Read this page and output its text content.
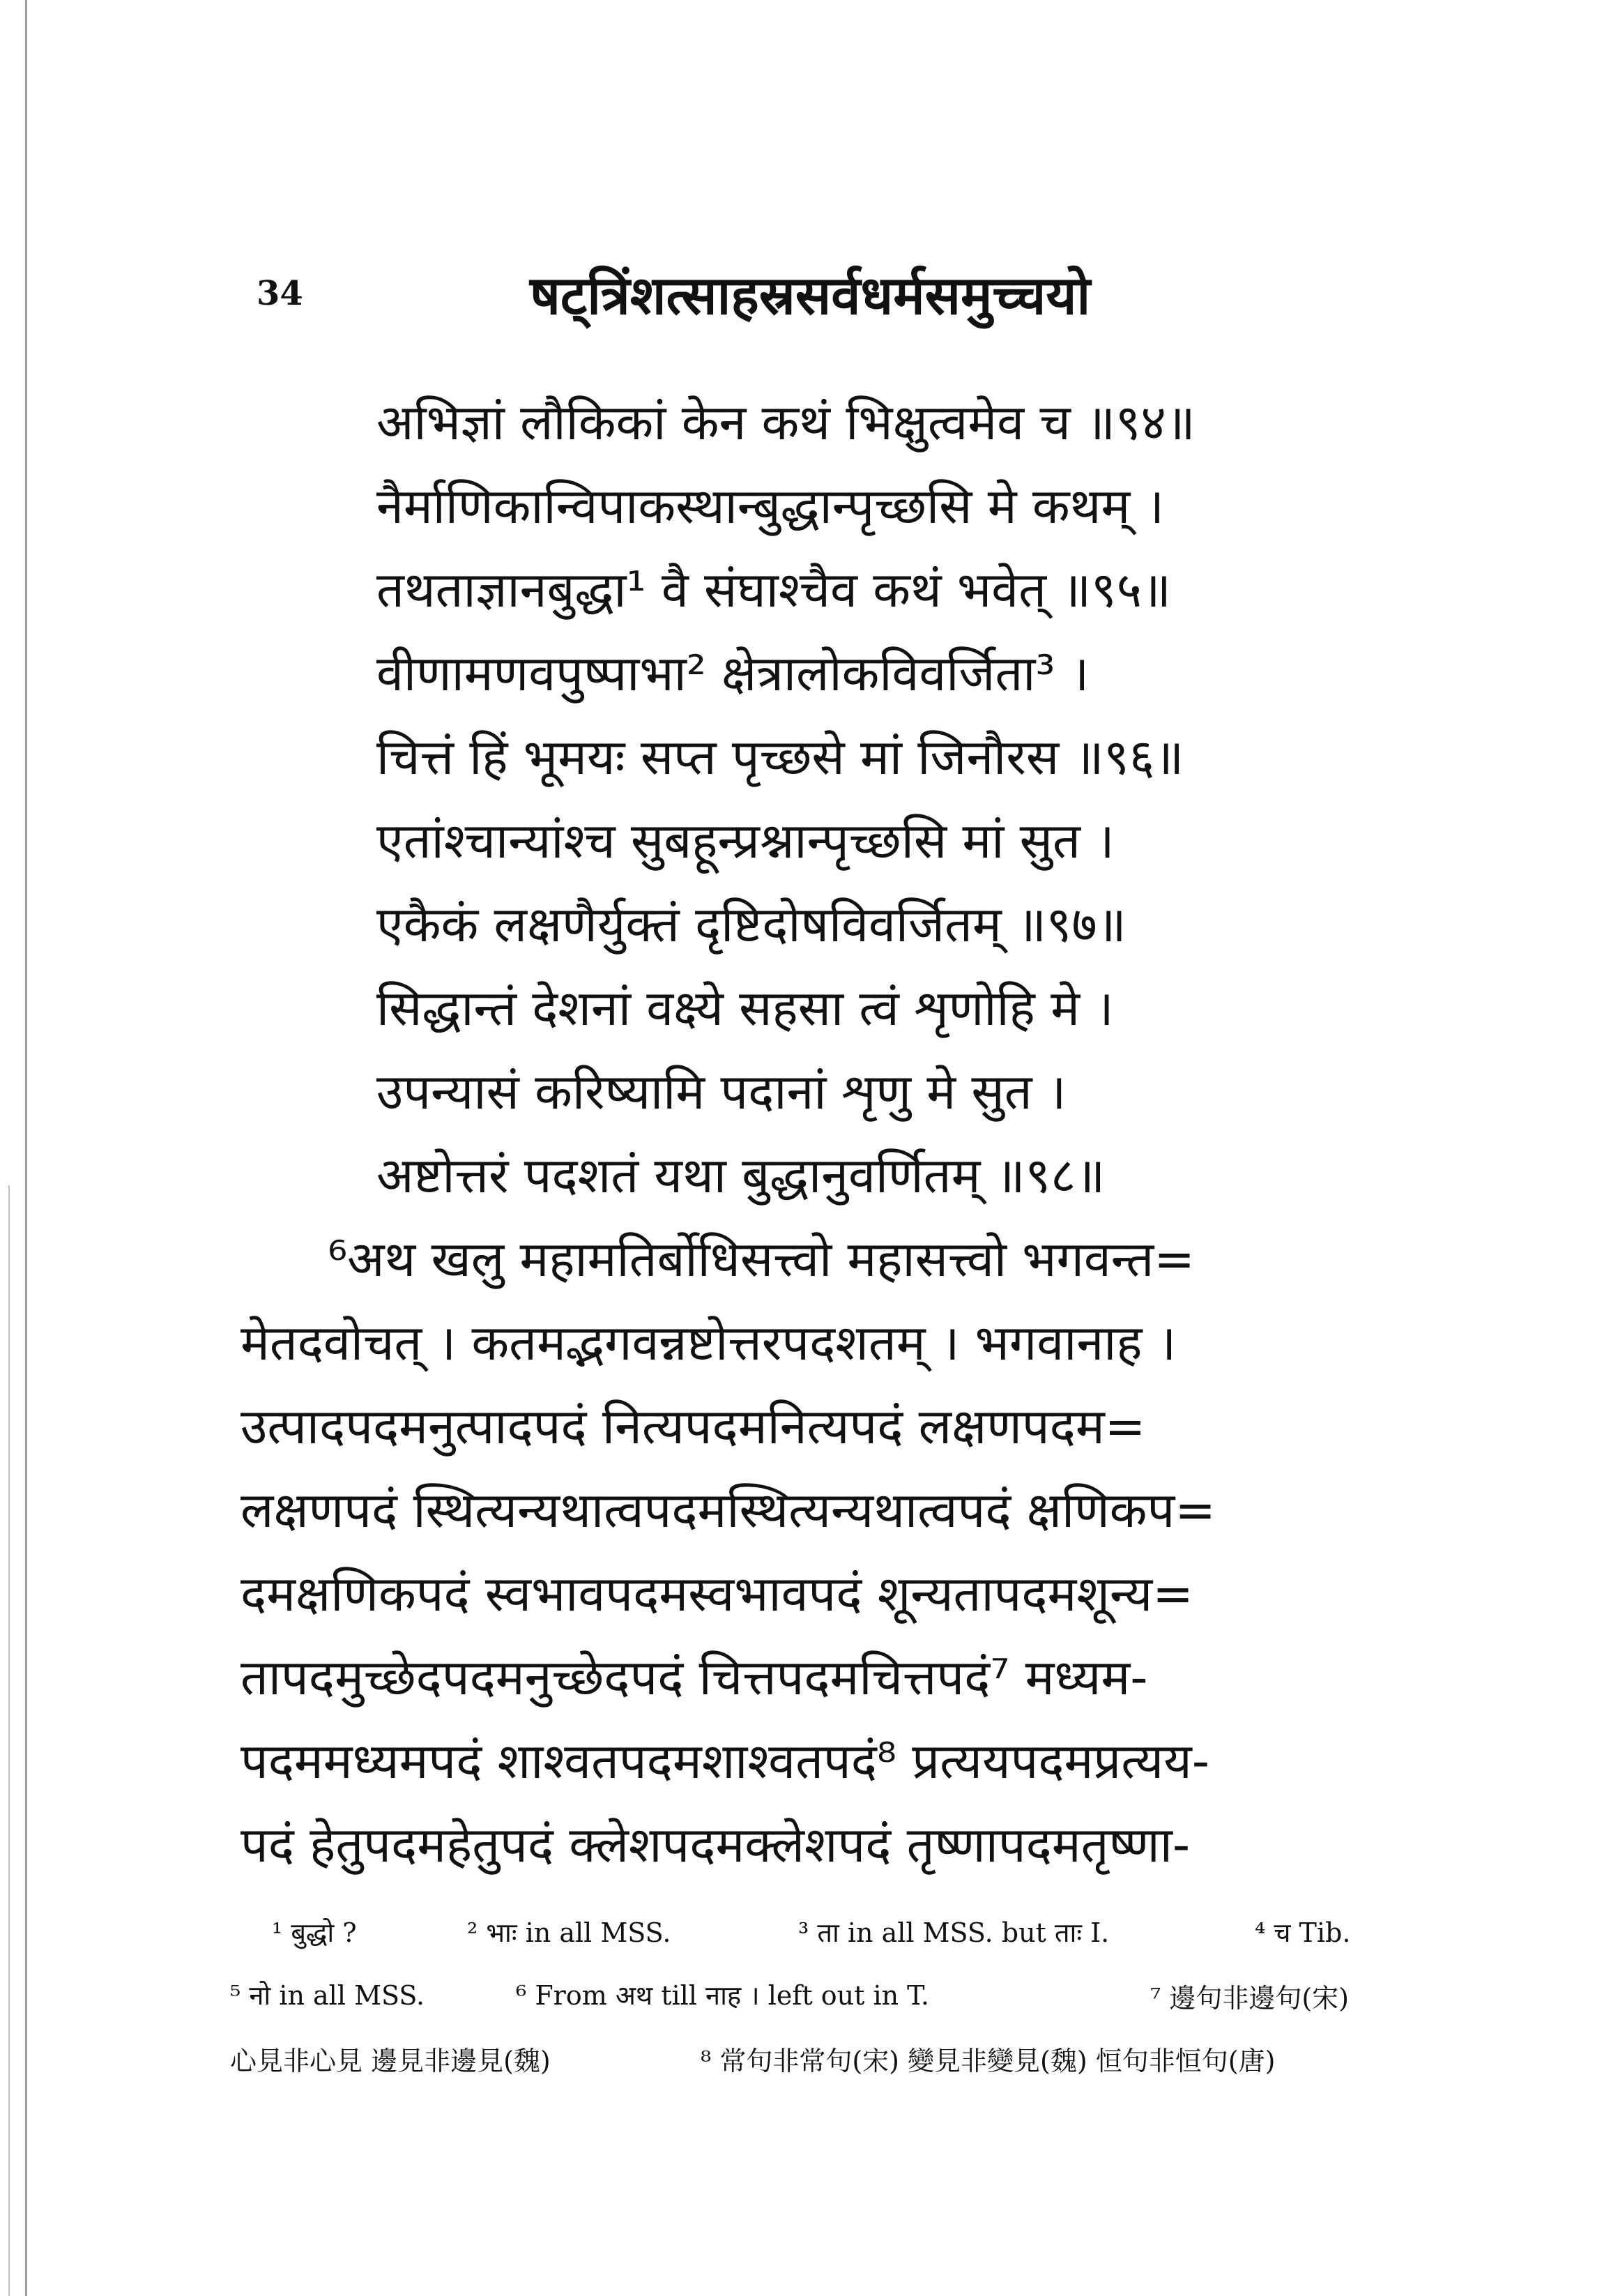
34	षट्त्रिंशत्साहस्रसर्वधर्मसमुच्चयो
अभिज्ञां लौकिकां केन कथं भिक्षुत्वमेव च ॥९४॥
नैर्माणिकान्विपाकस्थान्बुद्धान्पृच्छसि मे कथम् ।
तथताज्ञानबुद्धा¹ वै संघाश्चैव कथं भवेत् ॥९५॥
वीणामणवपुष्पाभा² क्षेत्रालोकविवर्जिता³ ।
चित्तं हिं भूमयः सप्त पृच्छसे मां जिनौरस ॥९६॥
एतांश्चान्यांश्च सुबहून्प्रश्नान्पृच्छसि मां सुत ।
एकैकं लक्षणैर्युक्तं दृष्टिदोषविवर्जितम् ॥९७॥
सिद्धान्तं देशनां वक्ष्ये सहसा त्वं शृणोहि मे ।
उपन्यासं करिष्यामि पदानां शृणु मे सुत ।
अष्टोत्तरं पदशतं यथा बुद्धानुवर्णितम् ॥९८॥
⁶अथ खलु महामतिर्बोधिसत्त्वो महासत्त्वो भगवन्त=
मेतदवोचत् । कतमद्भगवन्नष्टोत्तरपदशतम् । भगवानाह ।
उत्पादपदमनुत्पादपदं नित्यपदमनित्यपदं लक्षणपदम=
लक्षणपदं स्थित्यन्यथात्वपदमस्थित्यन्यथात्वपदं क्षणिकप=
दमक्षणिकपदं स्वभावपदमस्वभावपदं शून्यतापदमशून्य=
तापदमुच्छेदपदमनुच्छेदपदं चित्तपदमचित्तपदं⁷ मध्यम-
पदममध्यमपदं शाश्वतपदमशाश्वतपदं⁸ प्रत्ययपदमप्रत्यय-
पदं हेतुपदमहेतुपदं क्लेशपदमक्लेशपदं तृष्णापदमतृष्णा-
¹ बुद्धो ?	² भाः in all MSS.	³ ता in all MSS. but ताः I.	⁴ च Tib.
⁵ नो in all MSS.	⁶ From अथ till नाह । left out in T.	⁷ 邊句非邊句(宋)
心見非心見 邊見非邊見(魏)	⁸ 常句非常句(宋) 變見非變見(魏) 恒句非恒句(唐)
